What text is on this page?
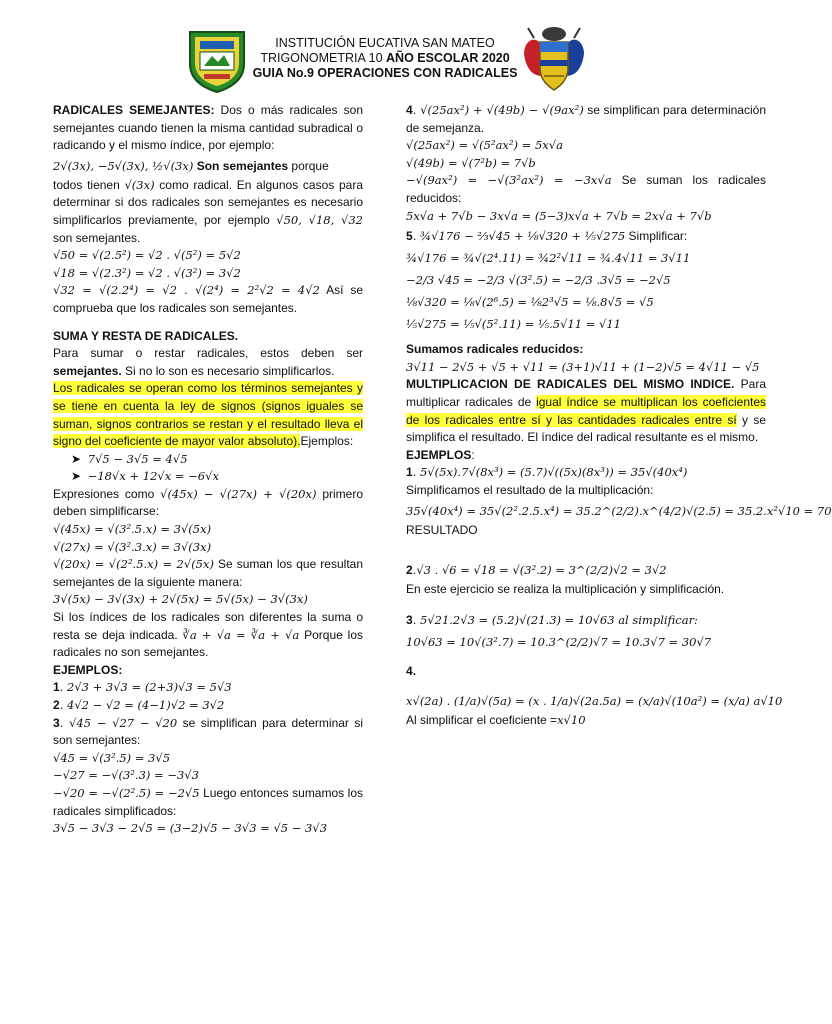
INSTITUCIÓN EUCATIVA SAN MATEO
TRIGONOMETRIA 10 AÑO ESCOLAR 2020
GUIA No.9 OPERACIONES CON RADICALES

RADICALES SEMEJANTES: Dos o más radicales son semejantes cuando tienen la misma cantidad subradical o radicando y el mismo índice, por ejemplo:

2√(3x), −5√(3x), ½√(3x) Son semejantes porque

todos tienen √(3x) como radical. En algunos casos para determinar si dos radicales son semejantes es necesario simplificarlos previamente, por ejemplo √50, √18, √32 son semejantes.

√50 = √(2.5²) = √2 . √(5²) = 5√2

√18 = √(2.3²) = √2 . √(3²) = 3√2

√32 = √(2.2⁴) = √2 . √(2⁴) = 2²√2 = 4√2 Así se comprueba que los radicales son semejantes.

SUMA Y RESTA DE RADICALES.

Para sumar o restar radicales, estos deben ser semejantes. Si no lo son es necesario simplificarlos.

Los radicales se operan como los términos semejantes y se tiene en cuenta la ley de signos (signos iguales se suman, signos contrarios se restan y el resultado lleva el signo del coeficiente de mayor valor absoluto).Ejemplos:

➤  7√5 − 3√5 = 4√5

➤  −18√x + 12√x = −6√x

Expresiones como √(45x) − √(27x) + √(20x) primero deben simplificarse:

√(45x) = √(3².5.x) = 3√(5x)

√(27x) = √(3².3.x) = 3√(3x)

√(20x) = √(2².5.x) = 2√(5x) Se suman los que resultan semejantes de la siguiente manera:

3√(5x) − 3√(3x) + 2√(5x) = 5√(5x) − 3√(3x)

Si los índices de los radicales son diferentes la suma o resta se deja indicada. ∛a + √a = ∛a + √a Porque los radicales no son semejantes.

EJEMPLOS:

1. 2√3 + 3√3 = (2+3)√3 = 5√3

2. 4√2 − √2 = (4−1)√2 = 3√2

3. √45 − √27 − √20 se simplifican para determinar si son semejantes:

√45 = √(3².5) = 3√5

−√27 = −√(3².3) = −3√3

−√20 = −√(2².5) = −2√5 Luego entonces sumamos los radicales simplificados:

3√5 − 3√3 − 2√5 = (3−2)√5 − 3√3 = √5 − 3√3

4. √(25ax²) + √(49b) − √(9ax²) se simplifican para determinación de semejanza.

√(25ax²) = √(5²ax²) = 5x√a

√(49b) = √(7²b) = 7√b

−√(9ax²) = −√(3²ax²) = −3x√a Se suman los radicales reducidos:

5x√a + 7√b − 3x√a = (5−3)x√a + 7√b = 2x√a + 7√b

5. ¾√176 − ⅔√45 + ⅛√320 + ⅕√275 Simplificar:

¾√176 = ¾√(2⁴.11) = ¾2²√11 = ¾.4√11 = 3√11

−2/3 √45 = −2/3 √(3².5) = −2/3 .3√5 = −2√5

⅛√320 = ⅛√(2⁶.5) = ⅛2³√5 = ⅛.8√5 = √5

⅕√275 = ⅕√(5².11) = ⅕.5√11 = √11

Sumamos radicales reducidos:

3√11 − 2√5 + √5 + √11 = (3+1)√11 + (1−2)√5 = 4√11 − √5

MULTIPLICACION DE RADICALES DEL MISMO INDICE. Para multiplicar radicales de igual índice se multiplican los coeficientes de los radicales entre sí y las cantidades radicales entre sí y se simplifica el resultado. El índice del radical resultante es el mismo.

EJEMPLOS:

1. 5√(5x).7√(8x³) = (5.7)√((5x)(8x³)) = 35√(40x⁴)

Simplificamos el resultado de la multiplicación:

35√(40x⁴) = 35√(2².2.5.x⁴) = 35.2^(2/2).x^(4/2)√(2.5) = 35.2.x²√10 = 70

RESULTADO

2.√3 . √6 = √18 = √(3².2) = 3^(2/2)√2 = 3√2

En este ejercicio se realiza la multiplicación y simplificación.

3. 5√21.2√3 = (5.2)√(21.3) = 10√63 al simplificar:

10√63 = 10√(3².7) = 10.3^(2/2)√7 = 10.3√7 = 30√7

4.

x√(2a) . (1/a)√(5a) = (x . 1/a)√(2a.5a) = (x/a)√(10a²) = (x/a) a√10

Al simplificar el coeficiente =x√10
